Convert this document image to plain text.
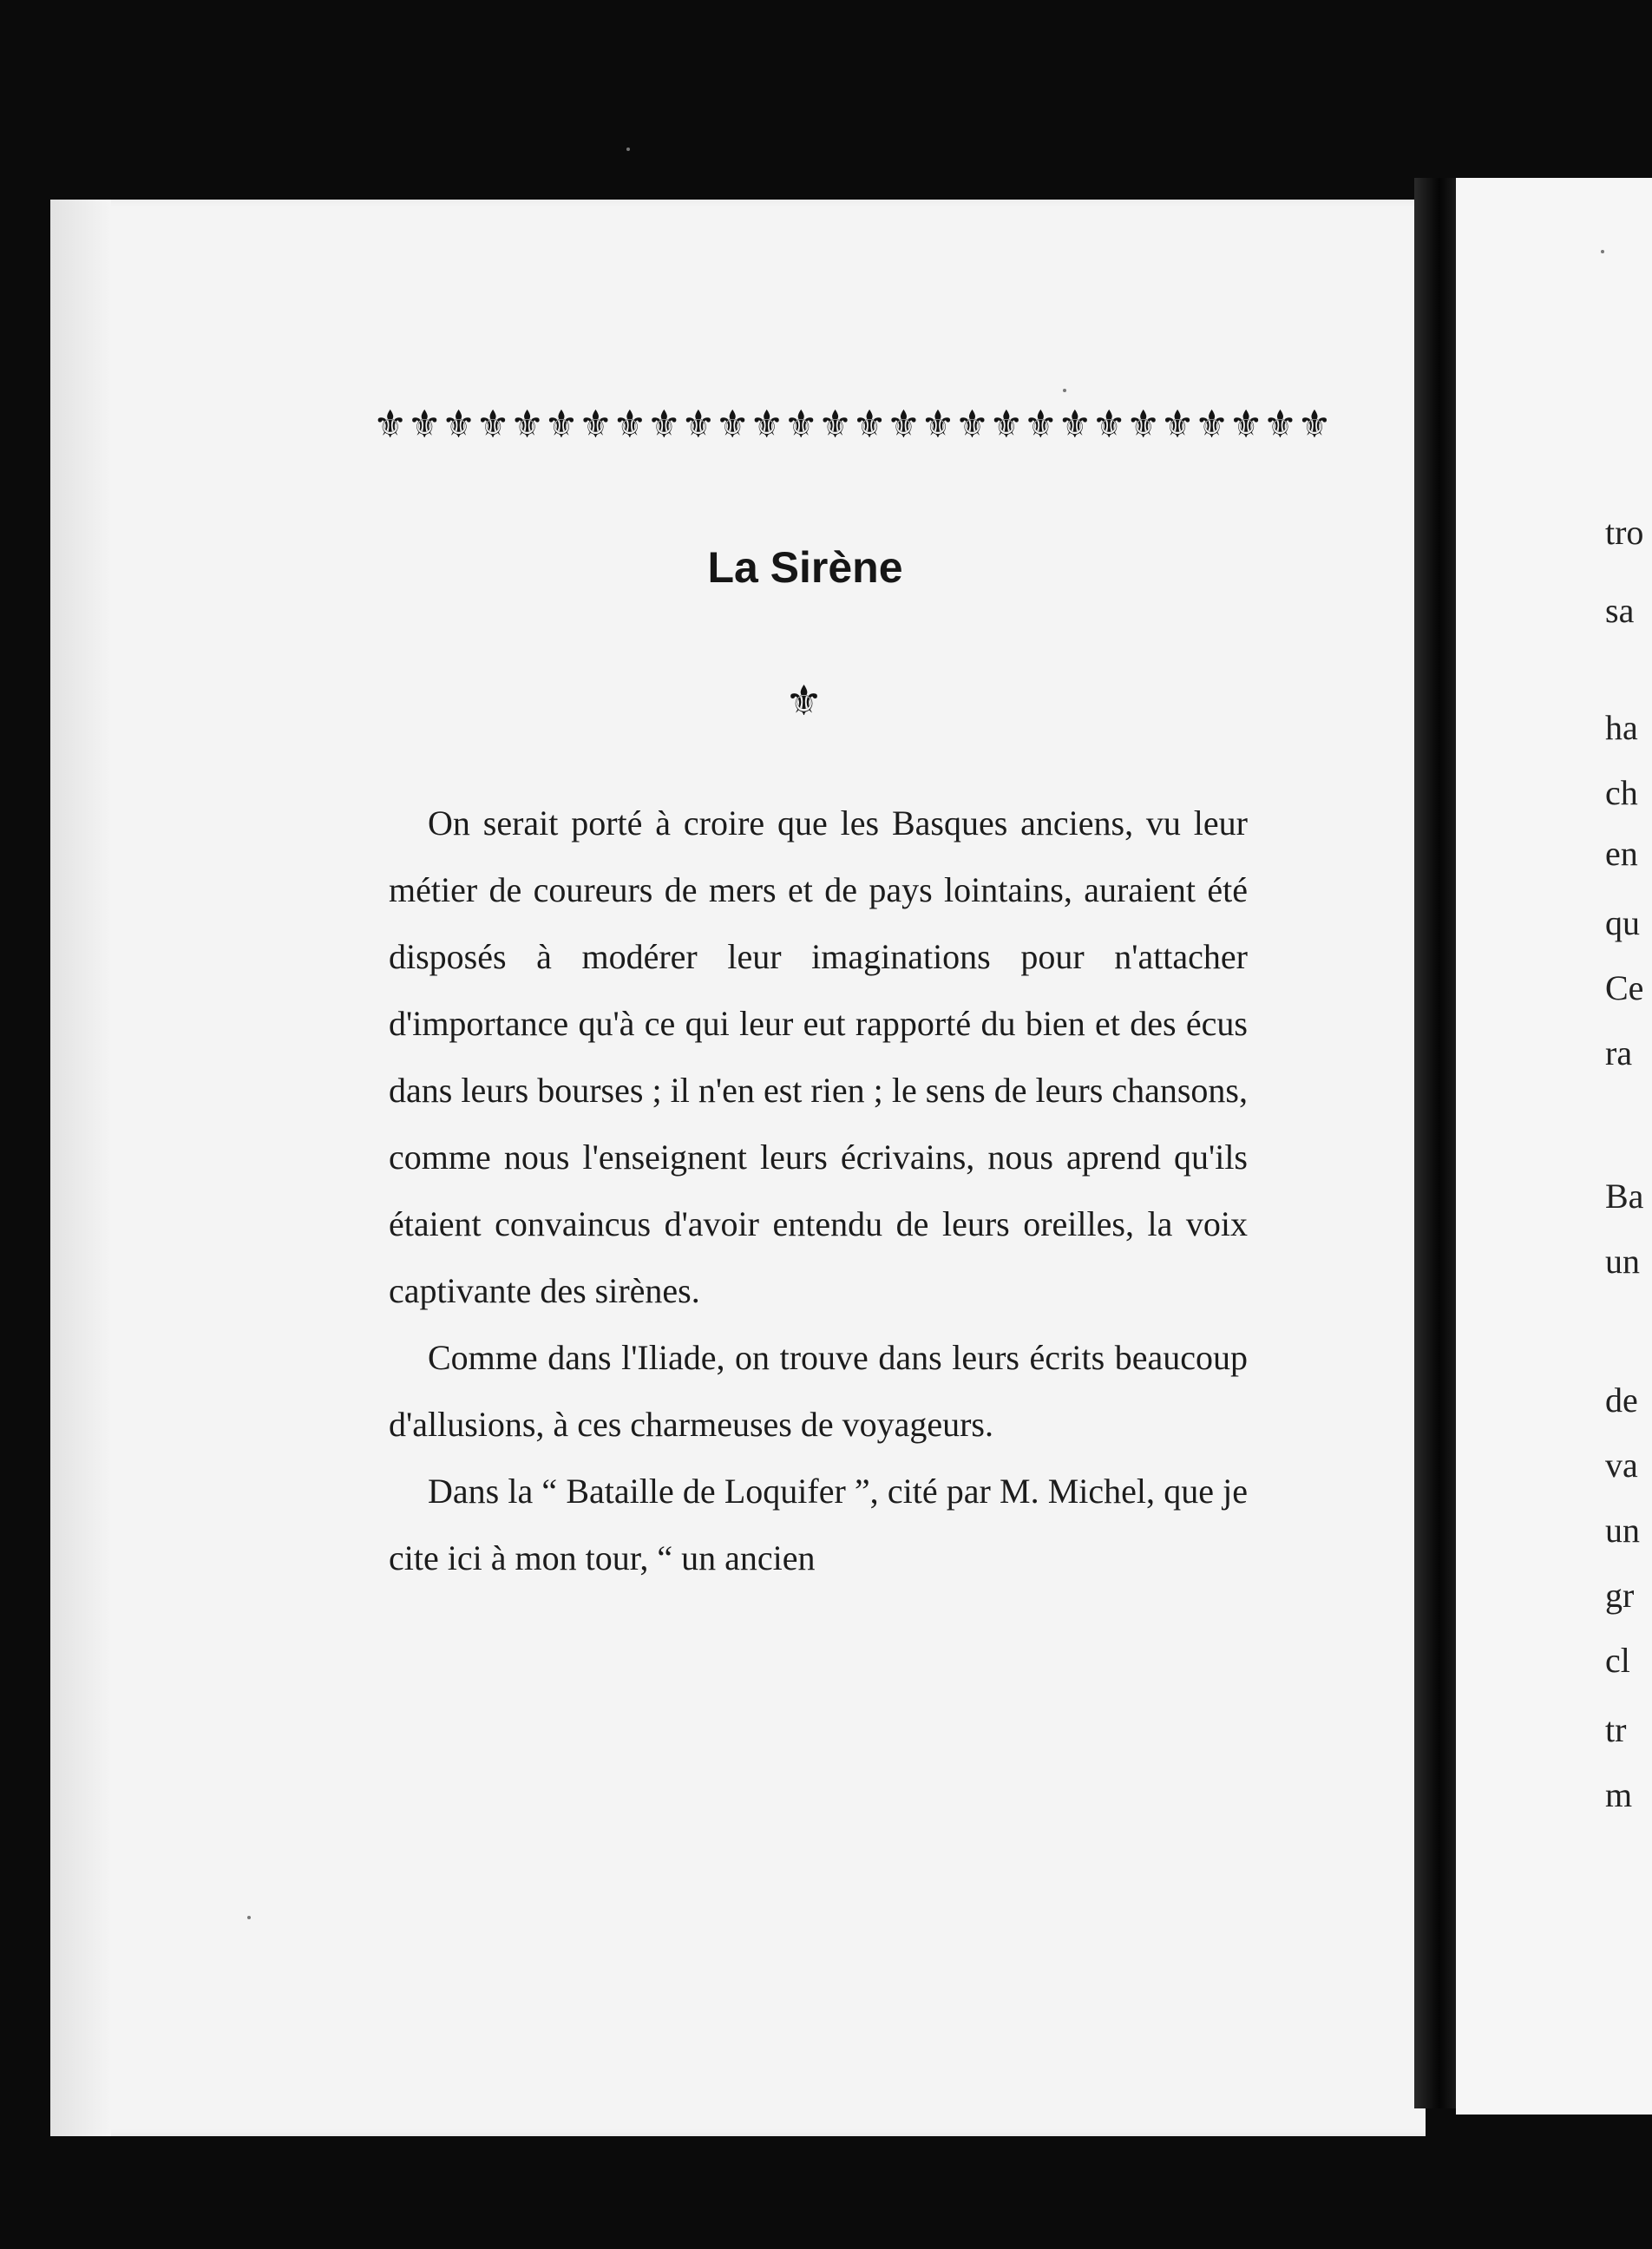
⚜ ⚜ ⚜ ⚜ ⚜ ⚜ ⚜ ⚜ ⚜ ⚜ ⚜ ⚜ ⚜ ⚜ ⚜ ⚜ ⚜ ⚜ ⚜ ⚜ ⚜ ⚜ ⚜ ⚜ ⚜ ⚜ ⚜ ⚜
La Sirène
⚜

On serait porté à croire que les Basques anciens, vu leur métier de coureurs de mers et de pays lointains, auraient été disposés à modérer leur imaginations pour n'attacher d'importance qu'à ce qui leur eut rapporté du bien et des écus dans leurs bourses ; il n'en est rien ; le sens de leurs chansons, comme nous l'enseignent leurs écrivains, nous aprend qu'ils étaient convaincus d'avoir entendu de leurs oreilles, la voix captivante des sirènes.

Comme dans l'Iliade, on trouve dans leurs écrits beaucoup d'allusions, à ces charmeuses de voyageurs.

Dans la “ Bataille de Loquifer ”, cité par M. Michel, que je cite ici à mon tour, “ un ancien

tro
sa
ha
ch
en
qu
Ce
ra
Ba
un
de
va
un
gr
cl
tr
m
